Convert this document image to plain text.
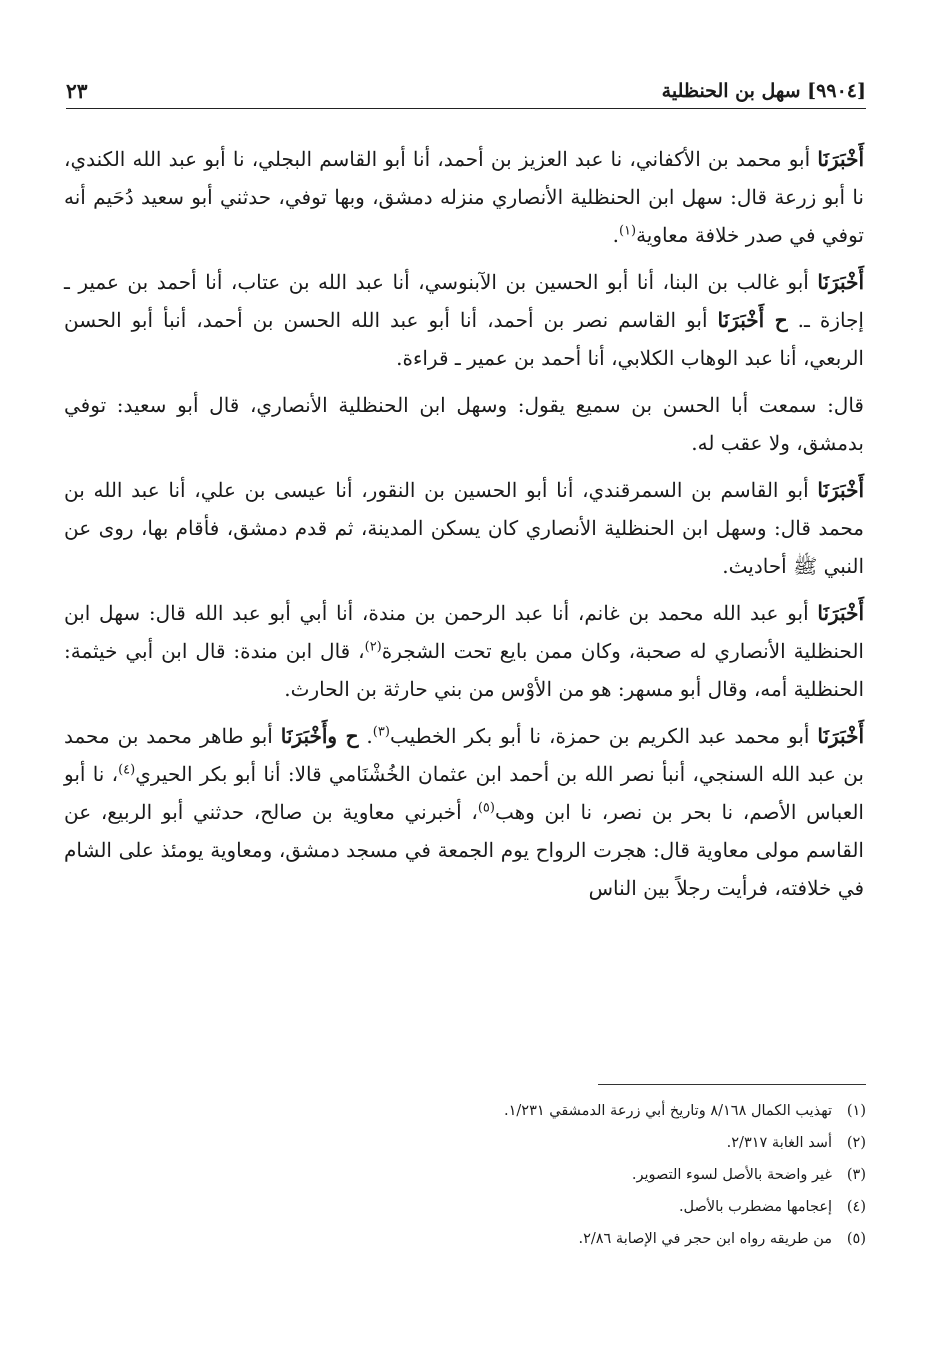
[٩٩٠٤] سهل بن الحنظلية
٢٣

أَخْبَرَنَا أبو محمد بن الأكفاني، نا عبد العزيز بن أحمد، أنا أبو القاسم البجلي، نا أبو عبد الله الكندي، نا أبو زرعة قال: سهل ابن الحنظلية الأنصاري منزله دمشق، وبها توفي، حدثني أبو سعيد دُحَيم أنه توفي في صدر خلافة معاوية$^{(١)}$.

أَخْبَرَنَا أبو غالب بن البنا، أنا أبو الحسين بن الآبنوسي، أنا عبد الله بن عتاب، أنا أحمد بن عمير ـ إجازة ـ. ح أَخْبَرَنَا أبو القاسم نصر بن أحمد، أنا أبو عبد الله الحسن بن أحمد، أنبأ أبو الحسن الربعي، أنا عبد الوهاب الكلابي، أنا أحمد بن عمير ـ قراءة.

قال: سمعت أبا الحسن بن سميع يقول: وسهل ابن الحنظلية الأنصاري، قال أبو سعيد: توفي بدمشق، ولا عقب له.

أَخْبَرَنَا أبو القاسم بن السمرقندي، أنا أبو الحسين بن النقور، أنا عيسى بن علي، أنا عبد الله بن محمد قال: وسهل ابن الحنظلية الأنصاري كان يسكن المدينة، ثم قدم دمشق، فأقام بها، روى عن النبي ﷺ أحاديث.

أَخْبَرَنَا أبو عبد الله محمد بن غانم، أنا عبد الرحمن بن مندة، أنا أبي أبو عبد الله قال: سهل ابن الحنظلية الأنصاري له صحبة، وكان ممن بايع تحت الشجرة$^{(٢)}$، قال ابن مندة: قال ابن أبي خيثمة: الحنظلية أمه، وقال أبو مسهر: هو من الأوْس من بني حارثة بن الحارث.

أَخْبَرَنَا أبو محمد عبد الكريم بن حمزة، نا أبو بكر الخطيب$^{(٣)}$. ح وأَخْبَرَنَا أبو طاهر محمد بن محمد بن عبد الله السنجي، أنبأ نصر الله بن أحمد ابن عثمان الخُشْنَامي قالا: أنا أبو بكر الحيري$^{(٤)}$، نا أبو العباس الأصم، نا بحر بن نصر، نا ابن وهب$^{(٥)}$، أخبرني معاوية بن صالح، حدثني أبو الربيع، عن القاسم مولى معاوية قال: هجرت الرواح يوم الجمعة في مسجد دمشق، ومعاوية يومئذ على الشام في خلافته، فرأيت رجلاً بين الناس

(١)تهذيب الكمال ٨/١٦٨ وتاريخ أبي زرعة الدمشقي ١/٢٣١.
(٢)أسد الغابة ٢/٣١٧.
(٣)غير واضحة بالأصل لسوء التصوير.
(٤)إعجامها مضطرب بالأصل.
(٥)من طريقه رواه ابن حجر في الإصابة ٢/٨٦.
